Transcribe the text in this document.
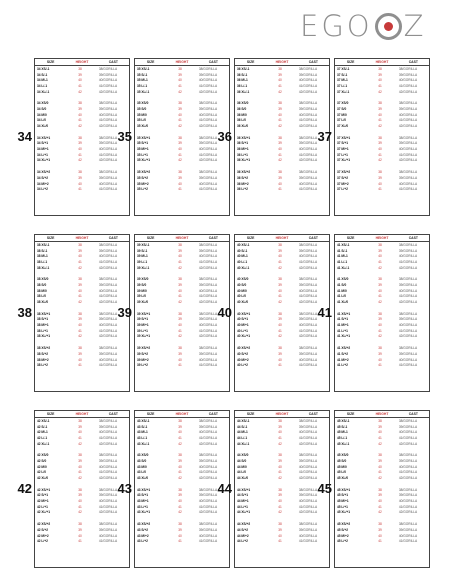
EGO Z
34
SIZE	HEIGHT	CAST
34 XS/-1	38	38/GORILLA
34 S/-1	39	39/GORILLA
34 M/-1	40	40/GORILLA
34 L/-1	41	41/GORILLA
34 XL/-1	42	42/GORILLA
34 XS/0	38	38/GORILLA
34 S/0	39	39/GORILLA
34 M/0	40	40/GORILLA
34 L/0	41	41/GORILLA
34 XL/0	42	42/GORILLA
34 XS/+1	38	38/GORILLA
34 S/+1	39	39/GORILLA
34 M/+1	40	40/GORILLA
34 L/+1	41	41/GORILLA
34 XL/+1	42	42/GORILLA
34 XS/+2	38	38/GORILLA
34 S/+2	39	39/GORILLA
34 M/+2	40	40/GORILLA
34 L/+2	41	41/GORILLA
35
SIZE	HEIGHT	CAST
35 XS/-1	38	38/GORILLA
35 S/-1	39	39/GORILLA
35 M/-1	40	40/GORILLA
35 L/-1	41	41/GORILLA
35 XL/-1	42	42/GORILLA
35 XS/0	38	38/GORILLA
35 S/0	39	39/GORILLA
35 M/0	40	40/GORILLA
35 L/0	41	41/GORILLA
35 XL/0	42	42/GORILLA
35 XS/+1	38	38/GORILLA
35 S/+1	39	39/GORILLA
35 M/+1	40	40/GORILLA
35 L/+1	41	41/GORILLA
35 XL/+1	42	42/GORILLA
35 XS/+2	38	38/GORILLA
35 S/+2	39	39/GORILLA
35 M/+2	40	40/GORILLA
35 L/+2	41	41/GORILLA
36
SIZE	HEIGHT	CAST
36 XS/-1	38	38/GORILLA
36 S/-1	39	39/GORILLA
36 M/-1	40	40/GORILLA
36 L/-1	41	41/GORILLA
36 XL/-1	42	42/GORILLA
36 XS/0	38	38/GORILLA
36 S/0	39	39/GORILLA
36 M/0	40	40/GORILLA
36 L/0	41	41/GORILLA
36 XL/0	42	42/GORILLA
36 XS/+1	38	38/GORILLA
36 S/+1	39	39/GORILLA
36 M/+1	40	40/GORILLA
36 L/+1	41	41/GORILLA
36 XL/+1	42	42/GORILLA
36 XS/+2	38	38/GORILLA
36 S/+2	39	39/GORILLA
36 M/+2	40	40/GORILLA
36 L/+2	41	41/GORILLA
37
SIZE	HEIGHT	CAST
37 XS/-1	38	38/GORILLA
37 S/-1	39	39/GORILLA
37 M/-1	40	40/GORILLA
37 L/-1	41	41/GORILLA
37 XL/-1	42	42/GORILLA
37 XS/0	38	38/GORILLA
37 S/0	39	39/GORILLA
37 M/0	40	40/GORILLA
37 L/0	41	41/GORILLA
37 XL/0	42	42/GORILLA
37 XS/+1	38	38/GORILLA
37 S/+1	39	39/GORILLA
37 M/+1	40	40/GORILLA
37 L/+1	41	41/GORILLA
37 XL/+1	42	42/GORILLA
37 XS/+2	38	38/GORILLA
37 S/+2	39	39/GORILLA
37 M/+2	40	40/GORILLA
37 L/+2	41	41/GORILLA
38
SIZE	HEIGHT	CAST
38 XS/-1	38	38/GORILLA
38 S/-1	39	39/GORILLA
38 M/-1	40	40/GORILLA
38 L/-1	41	41/GORILLA
38 XL/-1	42	42/GORILLA
38 XS/0	38	38/GORILLA
38 S/0	39	39/GORILLA
38 M/0	40	40/GORILLA
38 L/0	41	41/GORILLA
38 XL/0	42	42/GORILLA
38 XS/+1	38	38/GORILLA
38 S/+1	39	39/GORILLA
38 M/+1	40	40/GORILLA
38 L/+1	41	41/GORILLA
38 XL/+1	42	42/GORILLA
38 XS/+2	38	38/GORILLA
38 S/+2	39	39/GORILLA
38 M/+2	40	40/GORILLA
38 L/+2	41	41/GORILLA
39
SIZE	HEIGHT	CAST
39 XS/-1	38	38/GORILLA
39 S/-1	39	39/GORILLA
39 M/-1	40	40/GORILLA
39 L/-1	41	41/GORILLA
39 XL/-1	42	42/GORILLA
39 XS/0	38	38/GORILLA
39 S/0	39	39/GORILLA
39 M/0	40	40/GORILLA
39 L/0	41	41/GORILLA
39 XL/0	42	42/GORILLA
39 XS/+1	38	38/GORILLA
39 S/+1	39	39/GORILLA
39 M/+1	40	40/GORILLA
39 L/+1	41	41/GORILLA
39 XL/+1	42	42/GORILLA
39 XS/+2	38	38/GORILLA
39 S/+2	39	39/GORILLA
39 M/+2	40	40/GORILLA
39 L/+2	41	41/GORILLA
40
SIZE	HEIGHT	CAST
40 XS/-1	38	38/GORILLA
40 S/-1	39	39/GORILLA
40 M/-1	40	40/GORILLA
40 L/-1	41	41/GORILLA
40 XL/-1	42	42/GORILLA
40 XS/0	38	38/GORILLA
40 S/0	39	39/GORILLA
40 M/0	40	40/GORILLA
40 L/0	41	41/GORILLA
40 XL/0	42	42/GORILLA
40 XS/+1	38	38/GORILLA
40 S/+1	39	39/GORILLA
40 M/+1	40	40/GORILLA
40 L/+1	41	41/GORILLA
40 XL/+1	42	42/GORILLA
40 XS/+2	38	38/GORILLA
40 S/+2	39	39/GORILLA
40 M/+2	40	40/GORILLA
40 L/+2	41	41/GORILLA
41
SIZE	HEIGHT	CAST
41 XS/-1	38	38/GORILLA
41 S/-1	39	39/GORILLA
41 M/-1	40	40/GORILLA
41 L/-1	41	41/GORILLA
41 XL/-1	42	42/GORILLA
41 XS/0	38	38/GORILLA
41 S/0	39	39/GORILLA
41 M/0	40	40/GORILLA
41 L/0	41	41/GORILLA
41 XL/0	42	42/GORILLA
41 XS/+1	38	38/GORILLA
41 S/+1	39	39/GORILLA
41 M/+1	40	40/GORILLA
41 L/+1	41	41/GORILLA
41 XL/+1	42	42/GORILLA
41 XS/+2	38	38/GORILLA
41 S/+2	39	39/GORILLA
41 M/+2	40	40/GORILLA
41 L/+2	41	41/GORILLA
42
SIZE	HEIGHT	CAST
42 XS/-1	38	38/GORILLA
42 S/-1	39	39/GORILLA
42 M/-1	40	40/GORILLA
42 L/-1	41	41/GORILLA
42 XL/-1	42	42/GORILLA
42 XS/0	38	38/GORILLA
42 S/0	39	39/GORILLA
42 M/0	40	40/GORILLA
42 L/0	41	41/GORILLA
42 XL/0	42	42/GORILLA
42 XS/+1	38	38/GORILLA
42 S/+1	39	39/GORILLA
42 M/+1	40	40/GORILLA
42 L/+1	41	41/GORILLA
42 XL/+1	42	42/GORILLA
42 XS/+2	38	38/GORILLA
42 S/+2	39	39/GORILLA
42 M/+2	40	40/GORILLA
42 L/+2	41	41/GORILLA
43
SIZE	HEIGHT	CAST
43 XS/-1	38	38/GORILLA
43 S/-1	39	39/GORILLA
43 M/-1	40	40/GORILLA
43 L/-1	41	41/GORILLA
43 XL/-1	42	42/GORILLA
43 XS/0	38	38/GORILLA
43 S/0	39	39/GORILLA
43 M/0	40	40/GORILLA
43 L/0	41	41/GORILLA
43 XL/0	42	42/GORILLA
43 XS/+1	38	38/GORILLA
43 S/+1	39	39/GORILLA
43 M/+1	40	40/GORILLA
43 L/+1	41	41/GORILLA
43 XL/+1	42	42/GORILLA
43 XS/+2	38	38/GORILLA
43 S/+2	39	39/GORILLA
43 M/+2	40	40/GORILLA
43 L/+2	41	41/GORILLA
44
SIZE	HEIGHT	CAST
44 XS/-1	38	38/GORILLA
44 S/-1	39	39/GORILLA
44 M/-1	40	40/GORILLA
44 L/-1	41	41/GORILLA
44 XL/-1	42	42/GORILLA
44 XS/0	38	38/GORILLA
44 S/0	39	39/GORILLA
44 M/0	40	40/GORILLA
44 L/0	41	41/GORILLA
44 XL/0	42	42/GORILLA
44 XS/+1	38	38/GORILLA
44 S/+1	39	39/GORILLA
44 M/+1	40	40/GORILLA
44 L/+1	41	41/GORILLA
44 XL/+1	42	42/GORILLA
44 XS/+2	38	38/GORILLA
44 S/+2	39	39/GORILLA
44 M/+2	40	40/GORILLA
44 L/+2	41	41/GORILLA
45
SIZE	HEIGHT	CAST
45 XS/-1	38	38/GORILLA
45 S/-1	39	39/GORILLA
45 M/-1	40	40/GORILLA
45 L/-1	41	41/GORILLA
45 XL/-1	42	42/GORILLA
45 XS/0	38	38/GORILLA
45 S/0	39	39/GORILLA
45 M/0	40	40/GORILLA
45 L/0	41	41/GORILLA
45 XL/0	42	42/GORILLA
45 XS/+1	38	38/GORILLA
45 S/+1	39	39/GORILLA
45 M/+1	40	40/GORILLA
45 L/+1	41	41/GORILLA
45 XL/+1	42	42/GORILLA
45 XS/+2	38	38/GORILLA
45 S/+2	39	39/GORILLA
45 M/+2	40	40/GORILLA
45 L/+2	41	41/GORILLA
